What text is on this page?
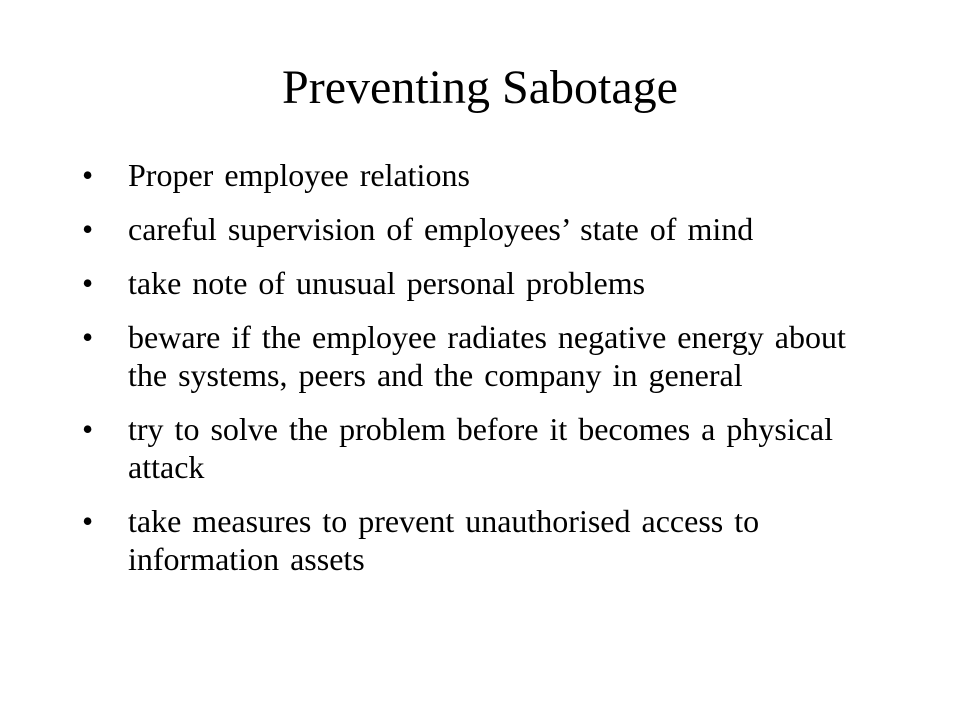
Preventing Sabotage
•	Proper employee relations
•	careful supervision of employees’ state of mind
•	take note of unusual personal problems
•	beware if the employee radiates negative energy about the systems, peers and the company in general
•	try to solve the problem before it becomes a physical attack
•	take measures to prevent unauthorised access to information assets
